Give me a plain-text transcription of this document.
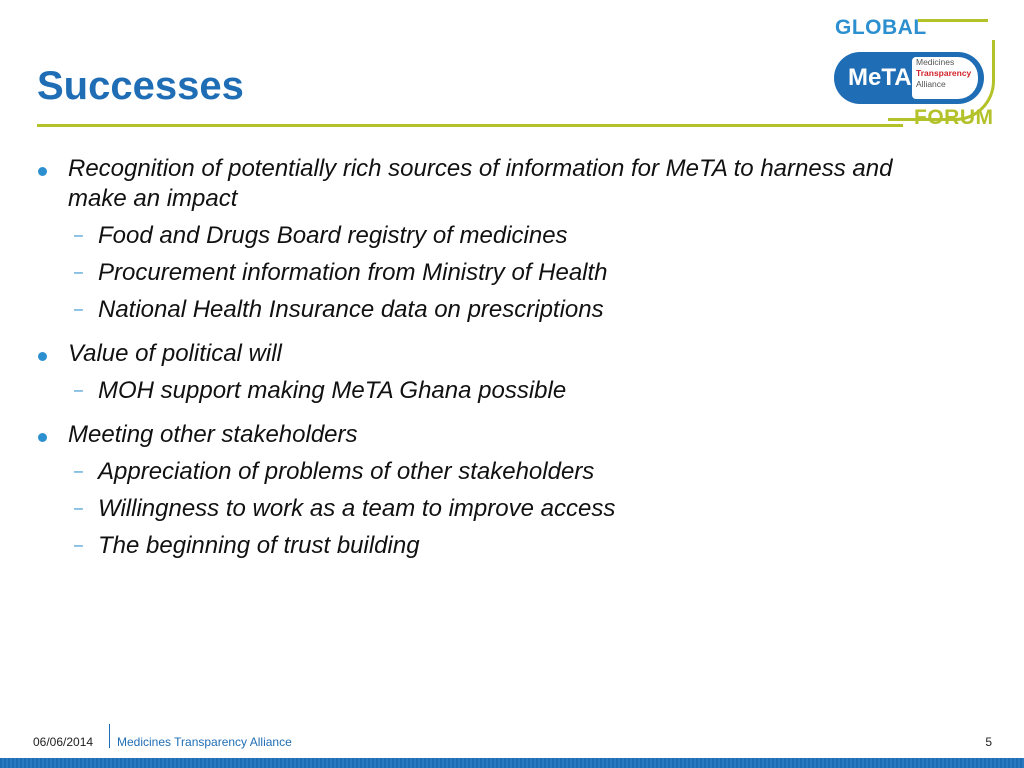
Successes
GLOBAL
MeTA
Medicines
Transparency
Alliance
FORUM
Recognition of potentially rich sources of information for MeTA to harness and make an impact
– Food and Drugs Board registry of medicines
– Procurement information from Ministry of Health
– National Health Insurance data on prescriptions
Value of political will
– MOH support making MeTA Ghana possible
Meeting other stakeholders
– Appreciation of problems of other stakeholders
– Willingness to work as a team to improve access
– The beginning of trust building
06/06/2014 Medicines Transparency Alliance	5
